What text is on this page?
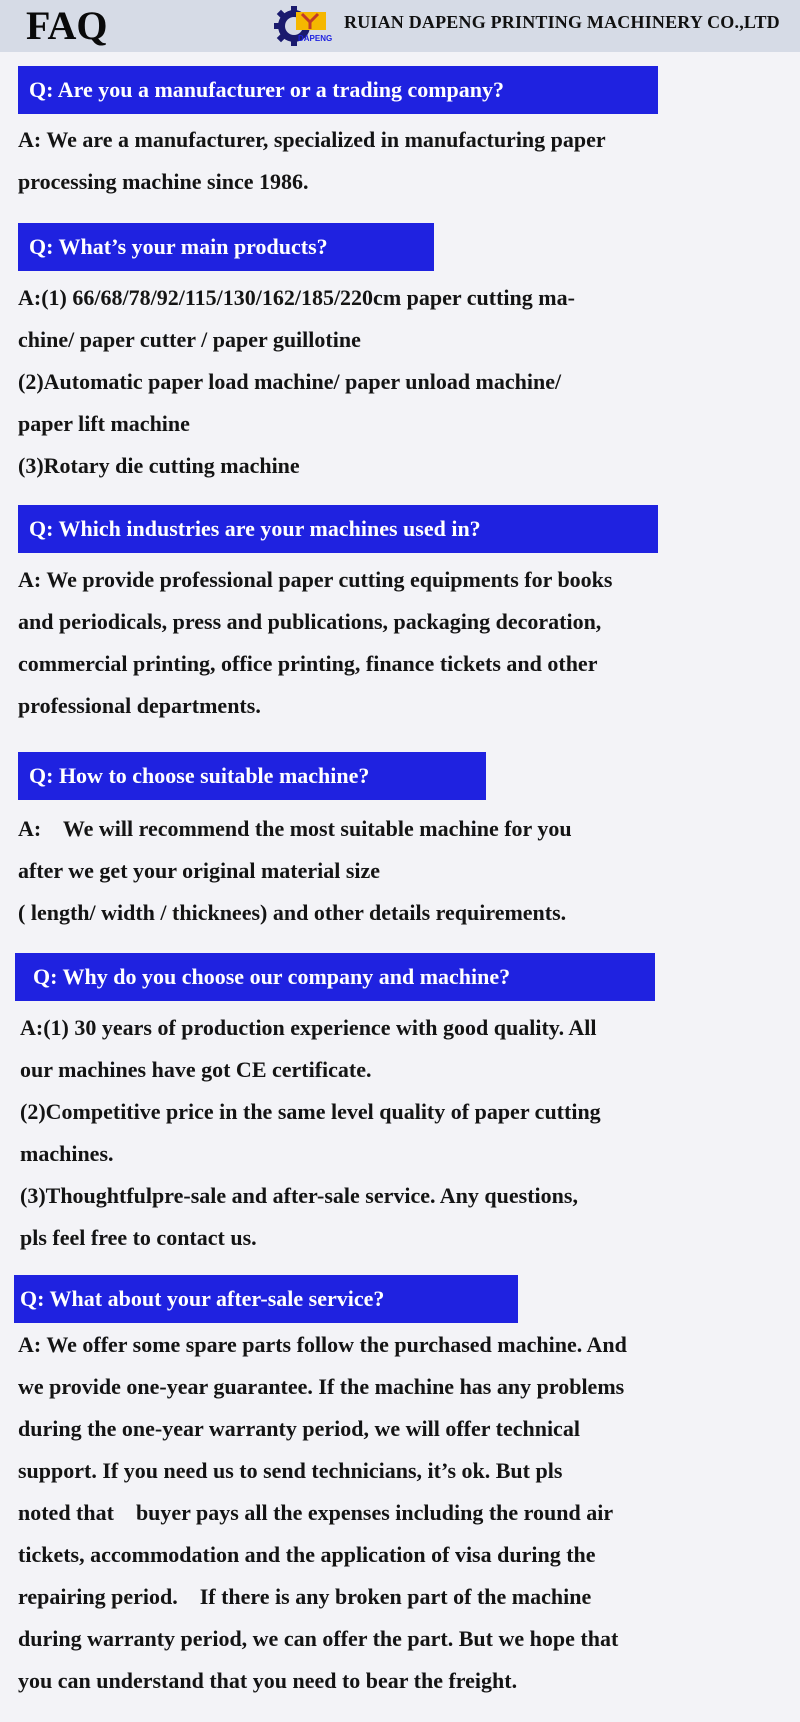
FAQ	DAPENG
RUIAN DAPENG PRINTING MACHINERY CO.,LTD
Q: Are you a manufacturer or a trading company?

A: We are a manufacturer, specialized in manufacturing paper

processing machine since 1986.

Q: What’s your main products?

A:(1) 66/68/78/92/115/130/162/185/220cm paper cutting ma-

chine/ paper cutter / paper guillotine

(2)Automatic paper load machine/ paper unload machine/

paper lift machine

(3)Rotary die cutting machine

Q: Which industries are your machines used in?

A: We provide professional paper cutting equipments for books

and periodicals, press and publications, packaging decoration,

commercial printing, office printing, finance tickets and other

professional departments.

Q: How to choose suitable machine?

A:    We will recommend the most suitable machine for you

after we get your original material size

( length/ width / thicknees) and other details requirements.

Q: Why do you choose our company and machine?

A:(1) 30 years of production experience with good quality. All

our machines have got CE certificate.

(2)Competitive price in the same level quality of paper cutting

machines.

(3)Thoughtfulpre-sale and after-sale service. Any questions,

pls feel free to contact us.

Q: What about your after-sale service?

A: We offer some spare parts follow the purchased machine. And

we provide one-year guarantee. If the machine has any problems

during the one-year warranty period, we will offer technical

support. If you need us to send technicians, it’s ok. But pls

noted that    buyer pays all the expenses including the round air

tickets, accommodation and the application of visa during the

repairing period.    If there is any broken part of the machine

during warranty period, we can offer the part. But we hope that

you can understand that you need to bear the freight.
